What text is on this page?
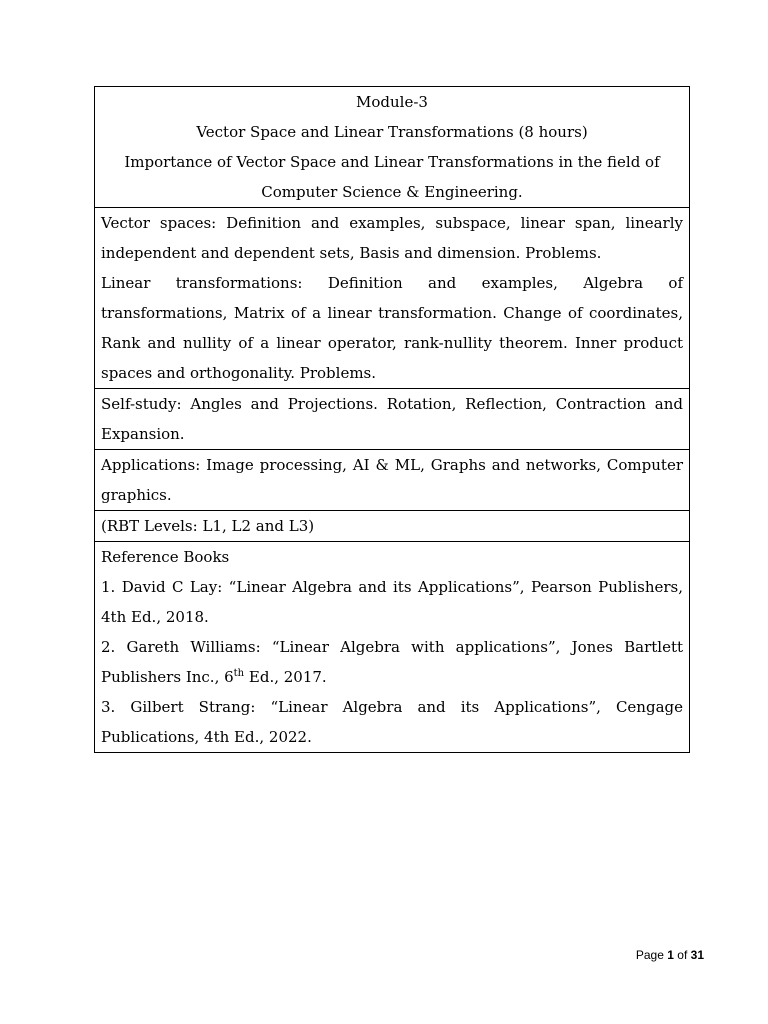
Module-3
Vector Space and Linear Transformations (8 hours)
Importance of Vector Space and Linear Transformations in the field of Computer Science & Engineering.

Vector spaces: Definition and examples, subspace, linear span, linearly independent and dependent sets, Basis and dimension. Problems.
Linear transformations: Definition and examples, Algebra of transformations, Matrix of a linear transformation. Change of coordinates, Rank and nullity of a linear operator, rank-nullity theorem. Inner product spaces and orthogonality. Problems.

Self-study: Angles and Projections. Rotation, Reflection, Contraction and Expansion.

Applications: Image processing, AI & ML, Graphs and networks, Computer graphics.

(RBT Levels: L1, L2 and L3)

Reference Books
1. David C Lay: “Linear Algebra and its Applications”, Pearson Publishers, 4th Ed., 2018.
2. Gareth Williams: “Linear Algebra with applications”, Jones Bartlett Publishers Inc., 6th Ed., 2017.
3. Gilbert Strang: “Linear Algebra and its Applications”, Cengage Publications, 4th Ed., 2022.
Page 1 of 31
